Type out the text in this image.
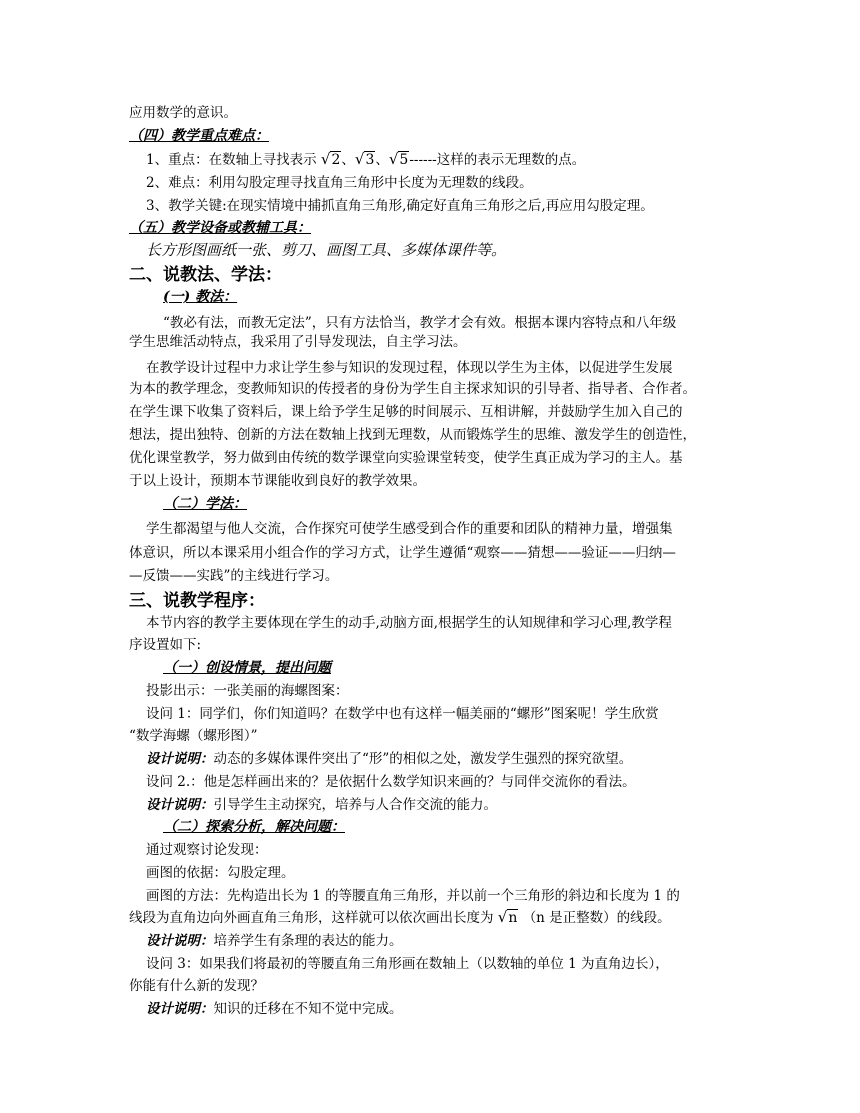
应用数学的意识。
（四）教学重点难点：
1、重点：在数轴上寻找表示 √2、√3、√5------这样的表示无理数的点。
2、难点：利用勾股定理寻找直角三角形中长度为无理数的线段。
3、教学关键:在现实情境中捕抓直角三角形,确定好直角三角形之后,再应用勾股定理。
（五）教学设备或教辅工具：
长方形图画纸一张、剪刀、画图工具、多媒体课件等。
二、说教法、学法：
(一) 教法：
“教必有法，而教无定法”，只有方法恰当，教学才会有效。根据本课内容特点和八年级
学生思维活动特点，我采用了引导发现法，自主学习法。
在教学设计过程中力求让学生参与知识的发现过程，体现以学生为主体，以促进学生发展
为本的教学理念，变教师知识的传授者的身份为学生自主探求知识的引导者、指导者、合作者。
在学生课下收集了资料后，课上给予学生足够的时间展示、互相讲解，并鼓励学生加入自己的
想法，提出独特、创新的方法在数轴上找到无理数，从而锻炼学生的思维、激发学生的创造性，
优化课堂教学，努力做到由传统的数学课堂向实验课堂转变，使学生真正成为学习的主人。基
于以上设计，预期本节课能收到良好的教学效果。
（二）学法：
学生都渴望与他人交流，合作探究可使学生感受到合作的重要和团队的精神力量，增强集
体意识，所以本课采用小组合作的学习方式，让学生遵循“观察——猜想——验证——归纳—
—反馈——实践”的主线进行学习。
三、说教学程序：
本节内容的教学主要体现在学生的动手,动脑方面,根据学生的认知规律和学习心理,教学程
序设置如下:
（一）创设情景，提出问题
投影出示：一张美丽的海螺图案：
设问 1：同学们，你们知道吗？在数学中也有这样一幅美丽的“螺形”图案呢！学生欣赏
“数学海螺（螺形图）”
设计说明：动态的多媒体课件突出了“形”的相似之处，激发学生强烈的探究欲望。
设问 2.：他是怎样画出来的？是依据什么数学知识来画的？与同伴交流你的看法。
设计说明：引导学生主动探究，培养与人合作交流的能力。
（二）探索分析，解决问题：
通过观察讨论发现：
画图的依据：勾股定理。
画图的方法：先构造出长为 1 的等腰直角三角形，并以前一个三角形的斜边和长度为 1 的
线段为直角边向外画直角三角形，这样就可以依次画出长度为 √n （n 是正整数）的线段。
设计说明：培养学生有条理的表达的能力。
设问 3：如果我们将最初的等腰直角三角形画在数轴上（以数轴的单位 1 为直角边长），
你能有什么新的发现？
设计说明：知识的迁移在不知不觉中完成。
